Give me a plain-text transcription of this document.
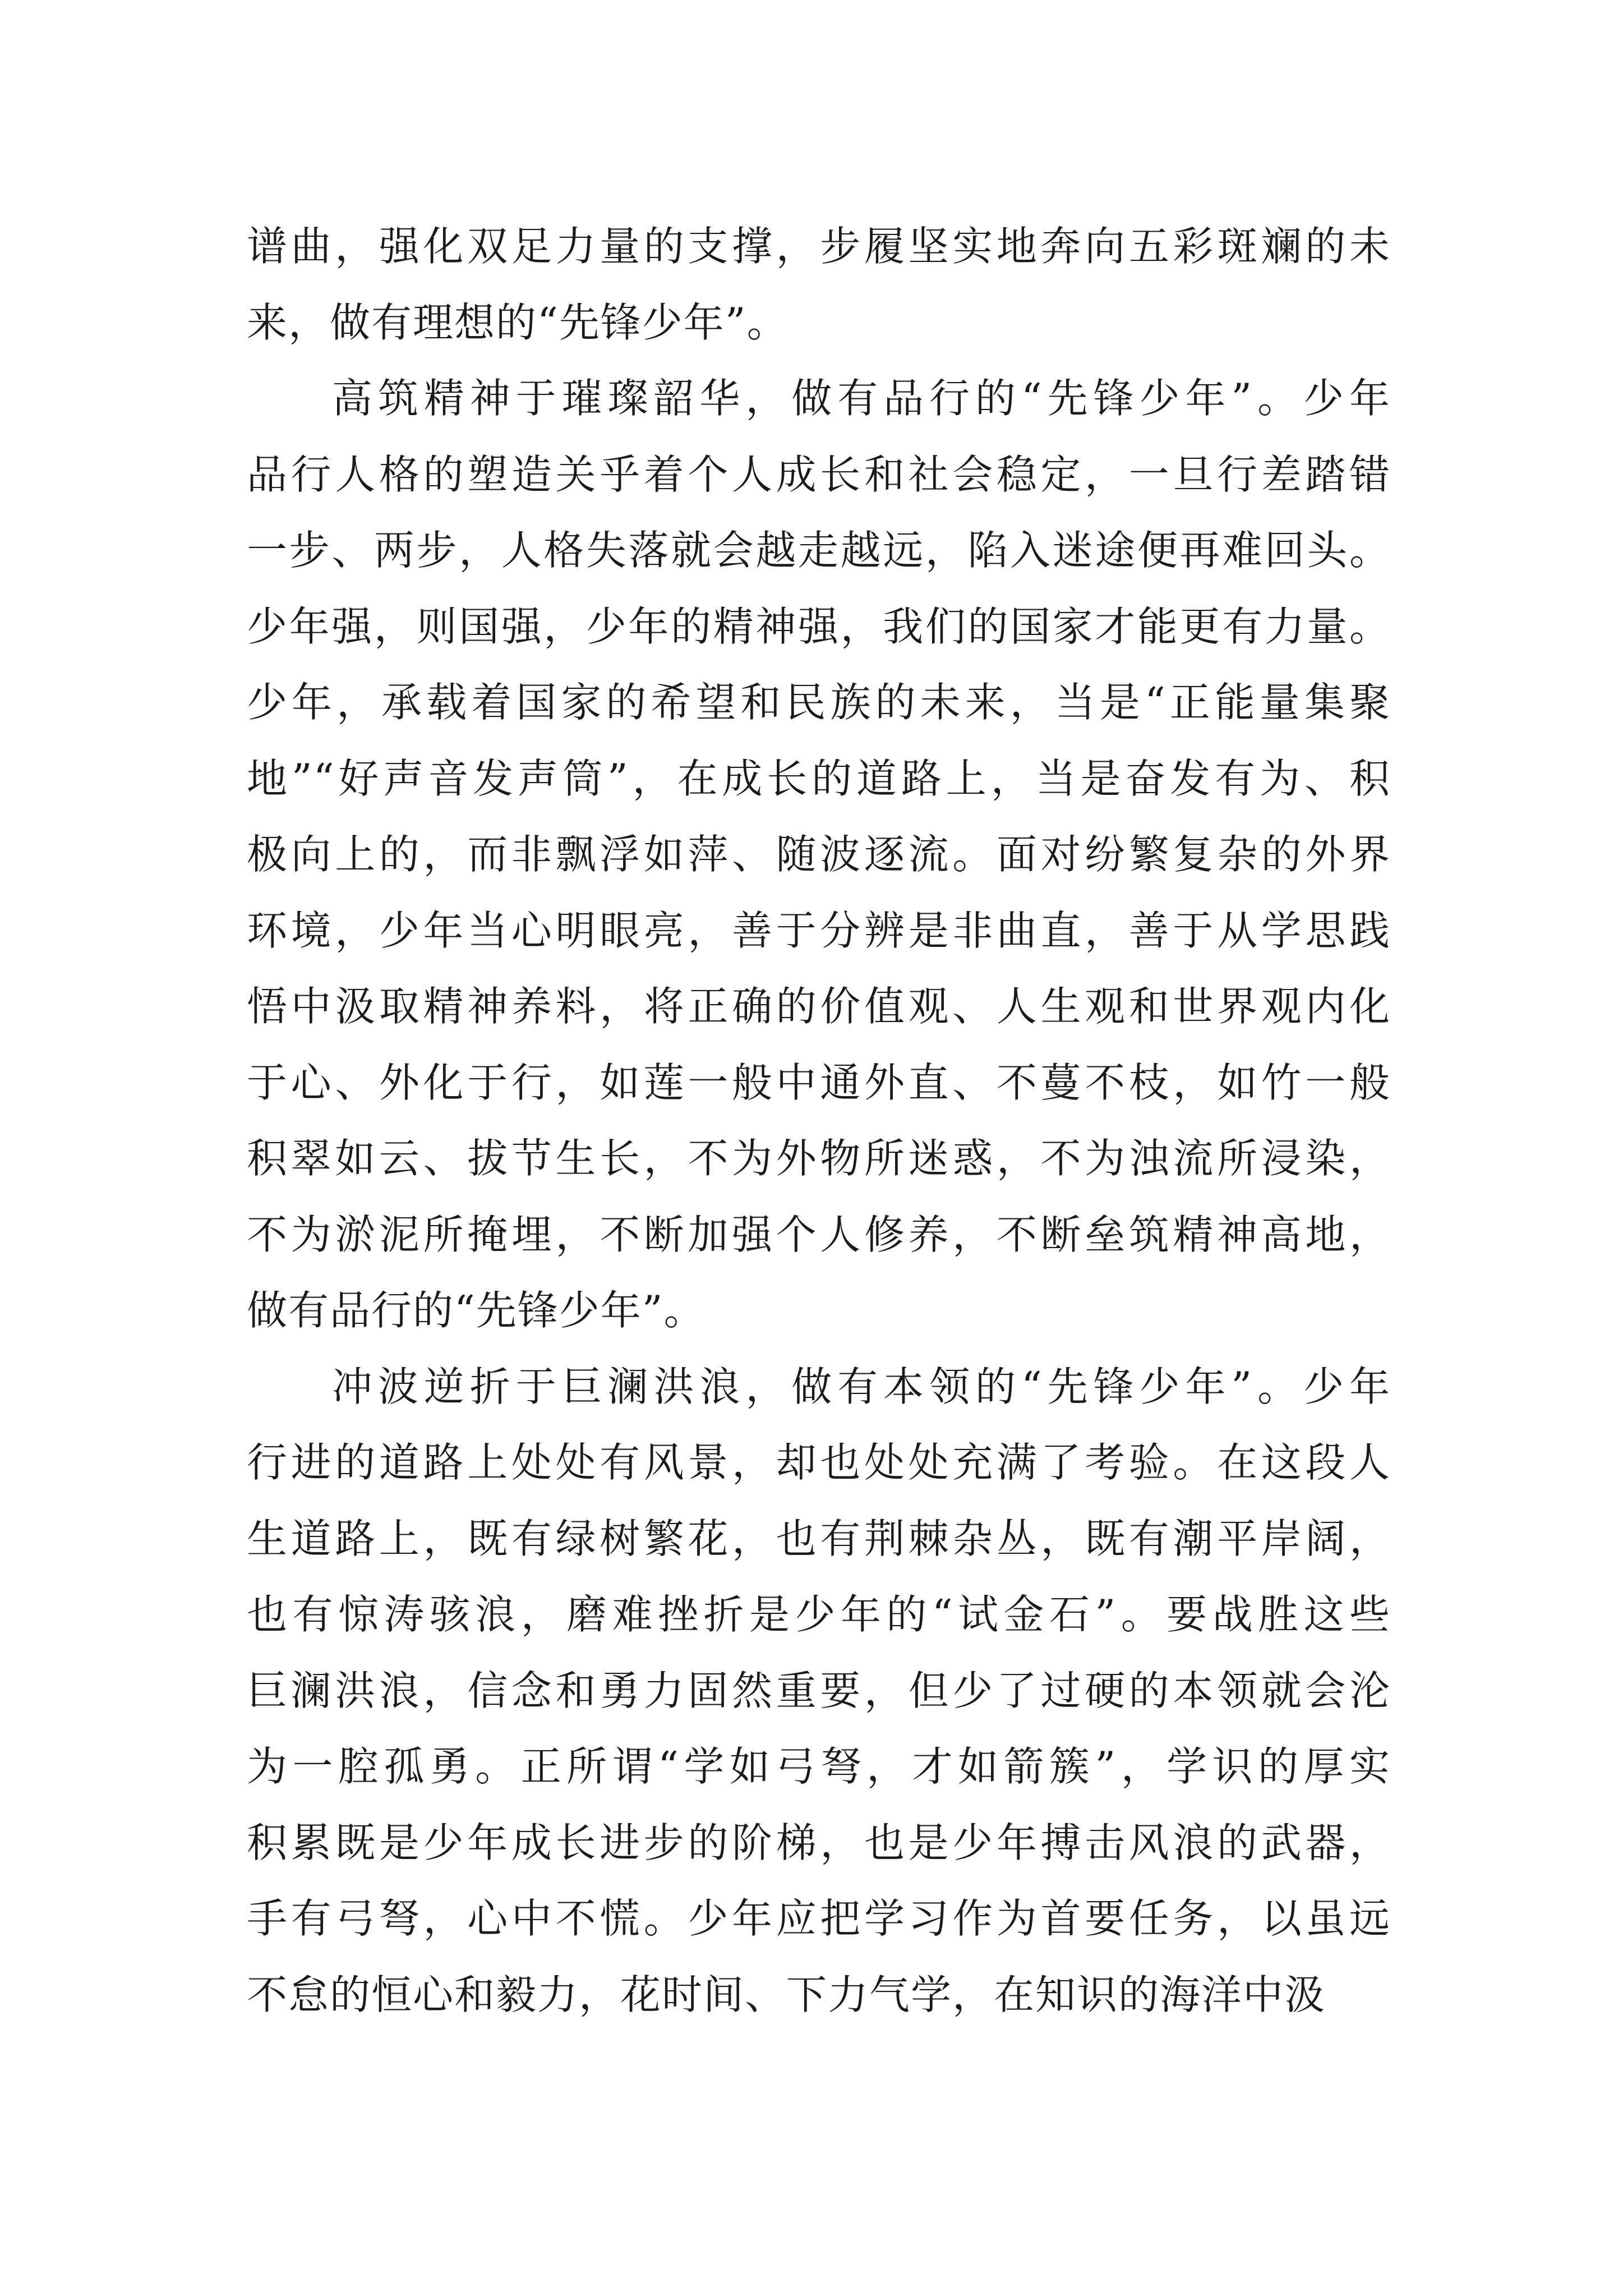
谱曲，强化双足力量的支撑，步履坚实地奔向五彩斑斓的未
来，做有理想的“先锋少年”。
高筑精神于璀璨韶华，做有品行的“先锋少年”。少年
品行人格的塑造关乎着个人成长和社会稳定，一旦行差踏错
一步、两步，人格失落就会越走越远，陷入迷途便再难回头。
少年强，则国强，少年的精神强，我们的国家才能更有力量。
少年，承载着国家的希望和民族的未来，当是“正能量集聚
地”“好声音发声筒”，在成长的道路上，当是奋发有为、积
极向上的，而非飘浮如萍、随波逐流。面对纷繁复杂的外界
环境，少年当心明眼亮，善于分辨是非曲直，善于从学思践
悟中汲取精神养料，将正确的价值观、人生观和世界观内化
于心、外化于行，如莲一般中通外直、不蔓不枝，如竹一般
积翠如云、拔节生长，不为外物所迷惑，不为浊流所浸染，
不为淤泥所掩埋，不断加强个人修养，不断垒筑精神高地，
做有品行的“先锋少年”。
冲波逆折于巨澜洪浪，做有本领的“先锋少年”。少年
行进的道路上处处有风景，却也处处充满了考验。在这段人
生道路上，既有绿树繁花，也有荆棘杂丛，既有潮平岸阔，
也有惊涛骇浪，磨难挫折是少年的“试金石”。要战胜这些
巨澜洪浪，信念和勇力固然重要，但少了过硬的本领就会沦
为一腔孤勇。正所谓“学如弓弩，才如箭簇”，学识的厚实
积累既是少年成长进步的阶梯，也是少年搏击风浪的武器，
手有弓弩，心中不慌。少年应把学习作为首要任务，以虽远
不怠的恒心和毅力，花时间、下力气学，在知识的海洋中汲
